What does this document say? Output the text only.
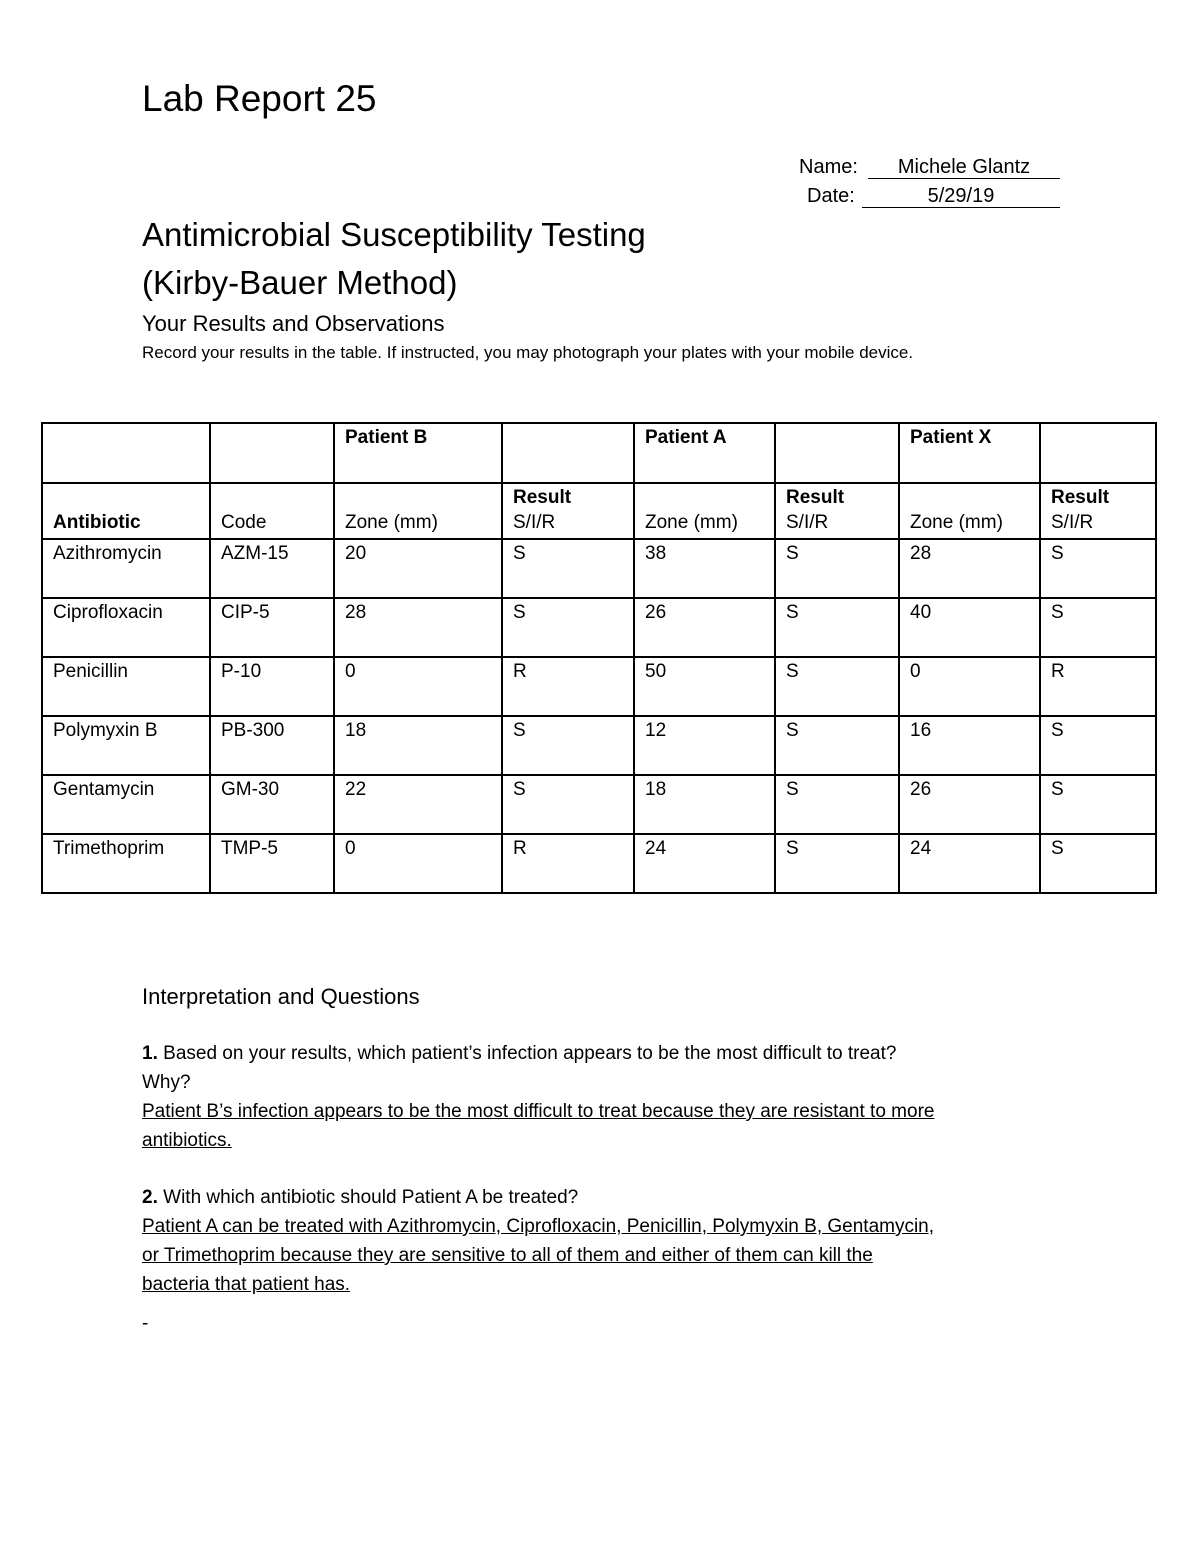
Lab Report 25
Name:	Michele Glantz
Date:	5/29/19
Antimicrobial Susceptibility Testing
(Kirby-Bauer Method)
Your Results and Observations
Record your results in the table. If instructed, you may photograph your plates with your mobile device.
		Patient B		Patient A		Patient X	
			Result		Result		Result
Antibiotic	Code	Zone (mm)	S/I/R	Zone (mm)	S/I/R	Zone (mm)	S/I/R
Azithromycin	AZM-15	20	S	38	S	28	S
Ciprofloxacin	CIP-5	28	S	26	S	40	S
Penicillin	P-10	0	R	50	S	0	R
Polymyxin B	PB-300	18	S	12	S	16	S
Gentamycin	GM-30	22	S	18	S	26	S
Trimethoprim	TMP-5	0	R	24	S	24	S
Interpretation and Questions
1. Based on your results, which patient’s infection appears to be the most difficult to treat?
Why?
Patient B’s infection appears to be the most difficult to treat because they are resistant to more
antibiotics.
2. With which antibiotic should Patient A be treated?
Patient A can be treated with Azithromycin, Ciprofloxacin, Penicillin, Polymyxin B, Gentamycin,
or Trimethoprim because they are sensitive to all of them and either of them can kill the
bacteria that patient has.
-
